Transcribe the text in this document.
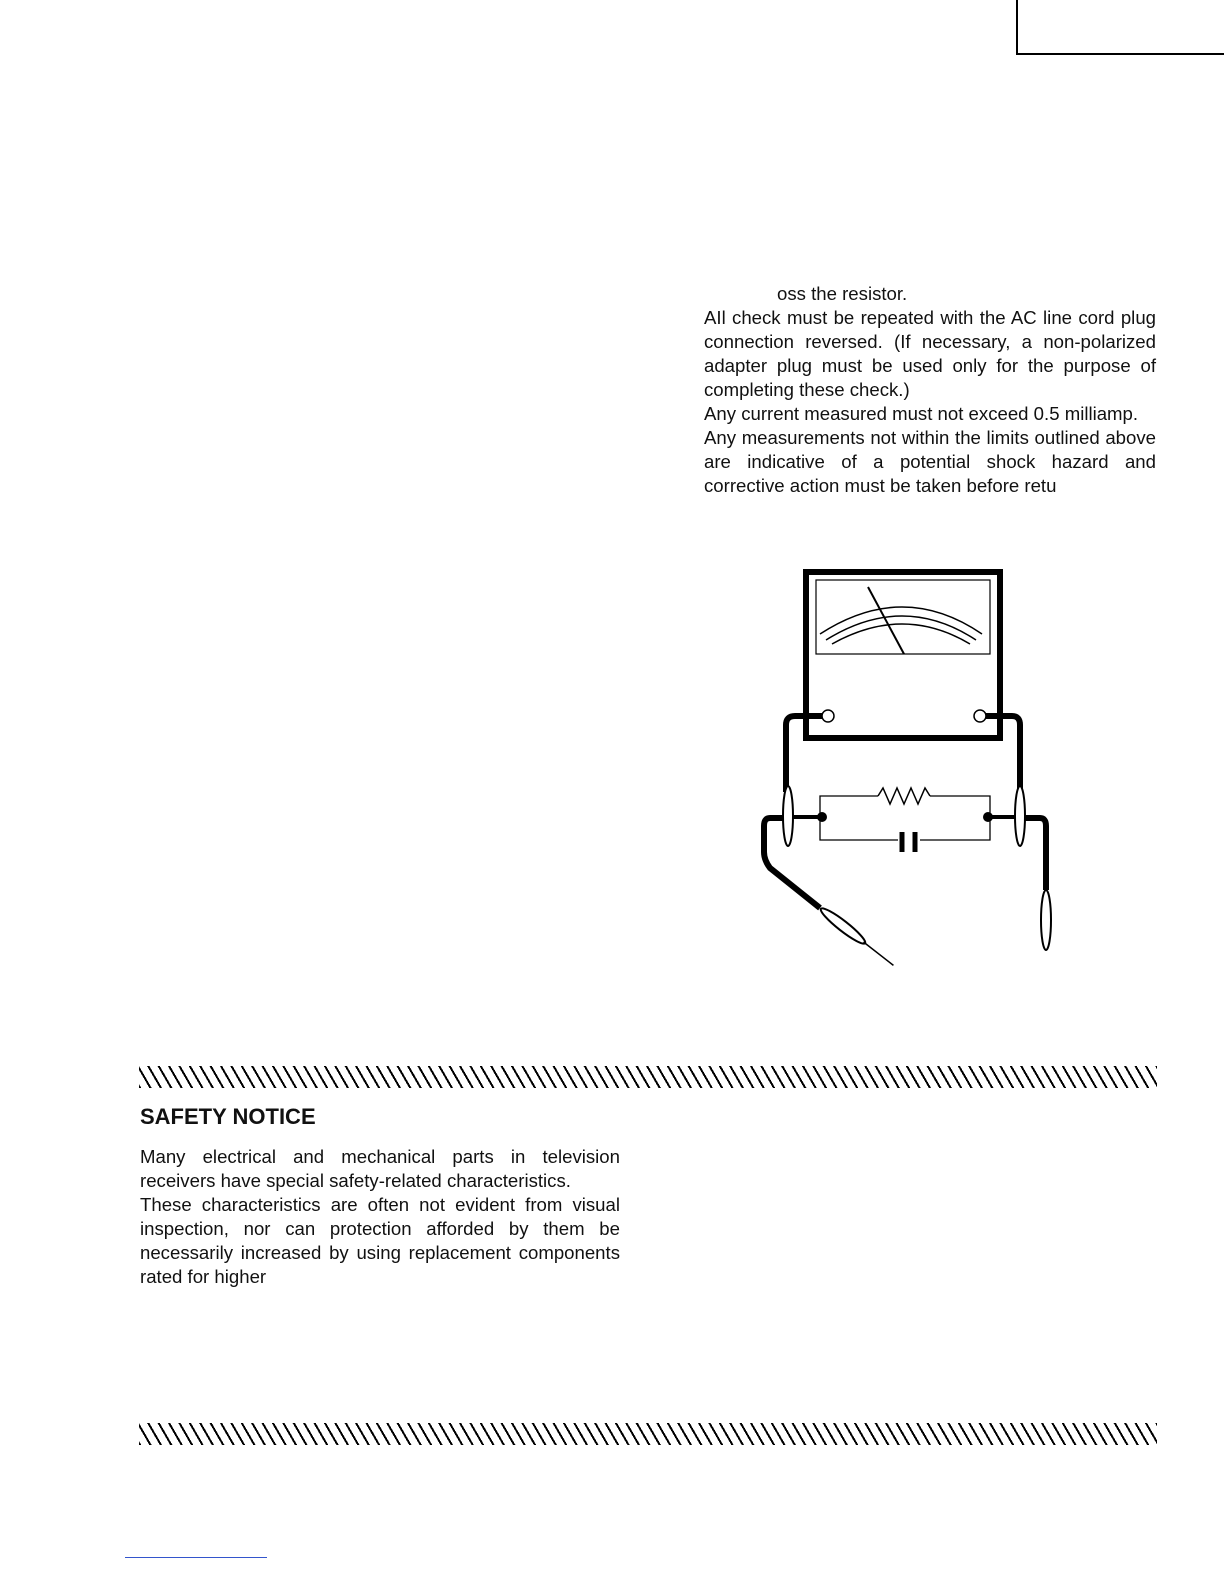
oss the resistor.

AIl check must be repeated with the AC line cord plug connection reversed. (If necessary, a non-polarized adapter plug must be used only for the purpose of completing these check.)

Any current measured must not exceed 0.5 milliamp.

Any measurements not within the limits outlined above are indicative of a potential shock hazard and corrective action must be taken before retu

SAFETY NOTICE

Many electrical and mechanical parts in television receivers have special safety-related characteristics.

These characteristics are often not evident from visual inspection, nor can protection afforded by them be necessarily increased by using replacement components rated for higher
